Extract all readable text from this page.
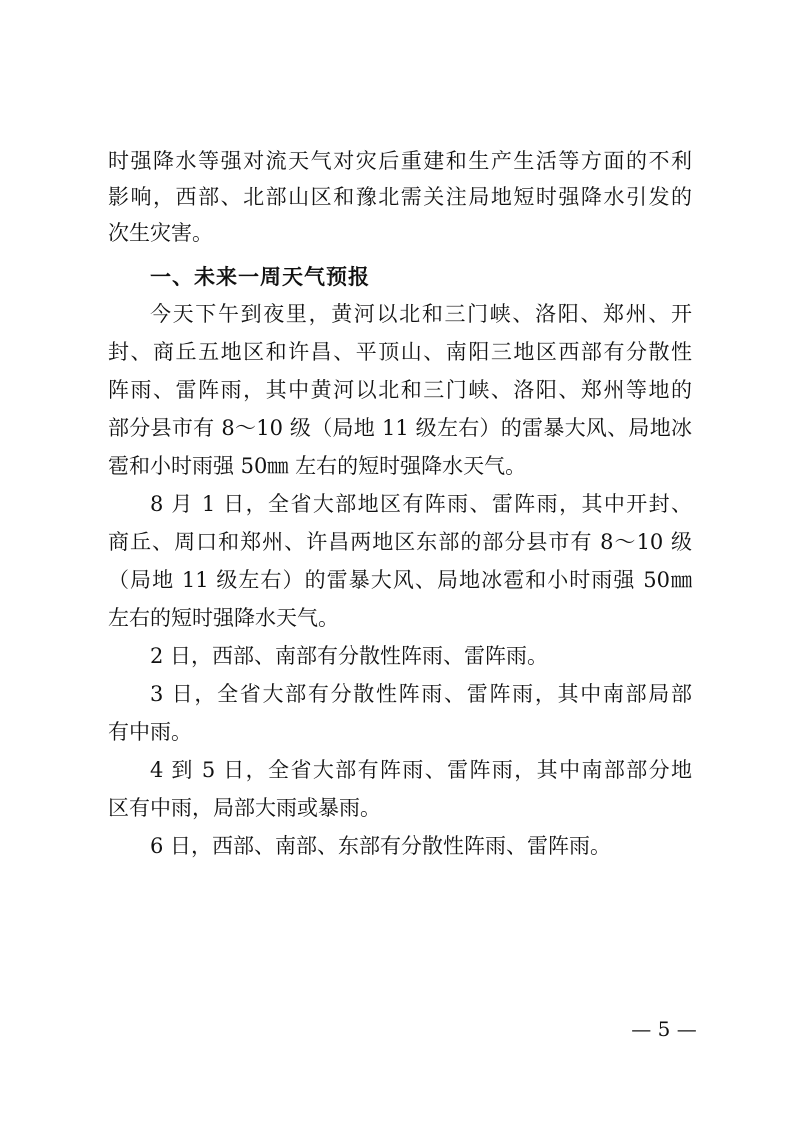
时强降水等强对流天气对灾后重建和生产生活等方面的不利
影响，西部、北部山区和豫北需关注局地短时强降水引发的
次生灾害。
一、未来一周天气预报
今天下午到夜里，黄河以北和三门峡、洛阳、郑州、开
封、商丘五地区和许昌、平顶山、南阳三地区西部有分散性
阵雨、雷阵雨，其中黄河以北和三门峡、洛阳、郑州等地的
部分县市有 8～10 级（局地 11 级左右）的雷暴大风、局地冰
雹和小时雨强 50㎜ 左右的短时强降水天气。
8 月 1 日，全省大部地区有阵雨、雷阵雨，其中开封、
商丘、周口和郑州、许昌两地区东部的部分县市有 8～10 级
（局地 11 级左右）的雷暴大风、局地冰雹和小时雨强 50㎜
左右的短时强降水天气。
2 日，西部、南部有分散性阵雨、雷阵雨。
3 日，全省大部有分散性阵雨、雷阵雨，其中南部局部
有中雨。
4 到 5 日，全省大部有阵雨、雷阵雨，其中南部部分地
区有中雨，局部大雨或暴雨。
6 日，西部、南部、东部有分散性阵雨、雷阵雨。
— 5 —
